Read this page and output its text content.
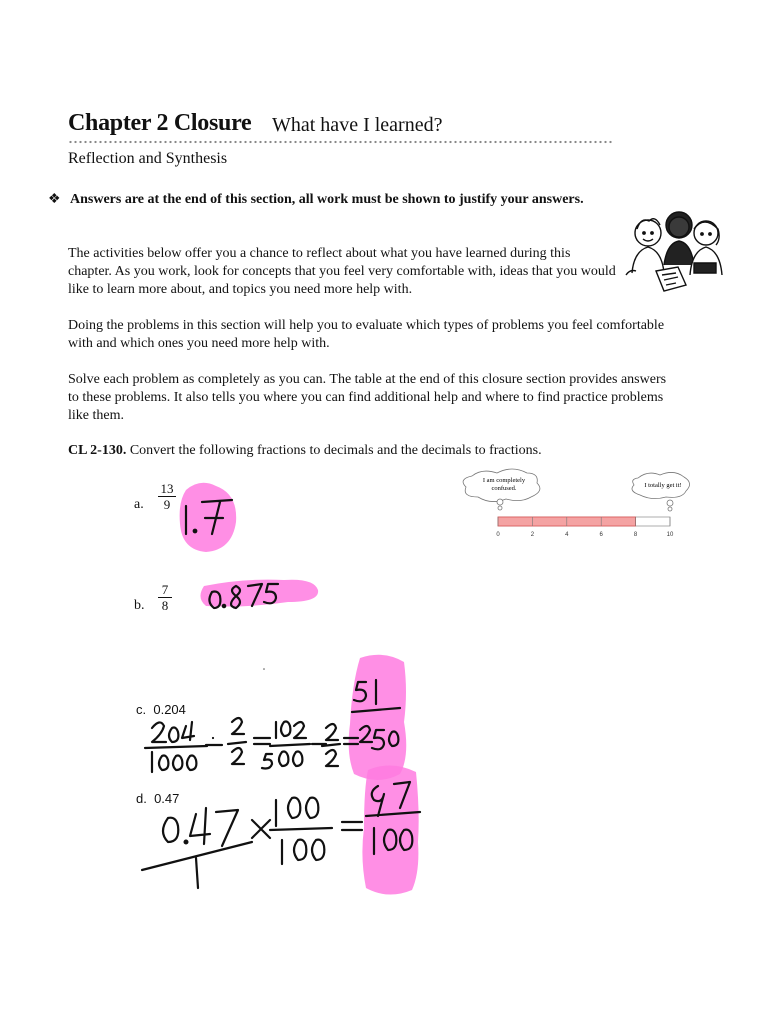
Chapter 2 Closure What have I learned?
Reflection and Synthesis
❖ Answers are at the end of this section, all work must be shown to justify your answers.
The activities below offer you a chance to reflect about what you have learned during this chapter. As you work, look for concepts that you feel very comfortable with, ideas that you would like to learn more about, and topics you need more help with.
Doing the problems in this section will help you to evaluate which types of problems you feel comfortable with and which ones you need more help with.
Solve each problem as completely as you can. The table at the end of this closure section provides answers to these problems. It also tells you where you can find additional help and where to find practice problems like them.
CL 2-130. Convert the following fractions to decimals and the decimals to fractions.
a.
13
9
b.
7
8
c. 0.204
d. 0.47
I am completely
confused.	I totally get it!
0	2	4	6	8	10
